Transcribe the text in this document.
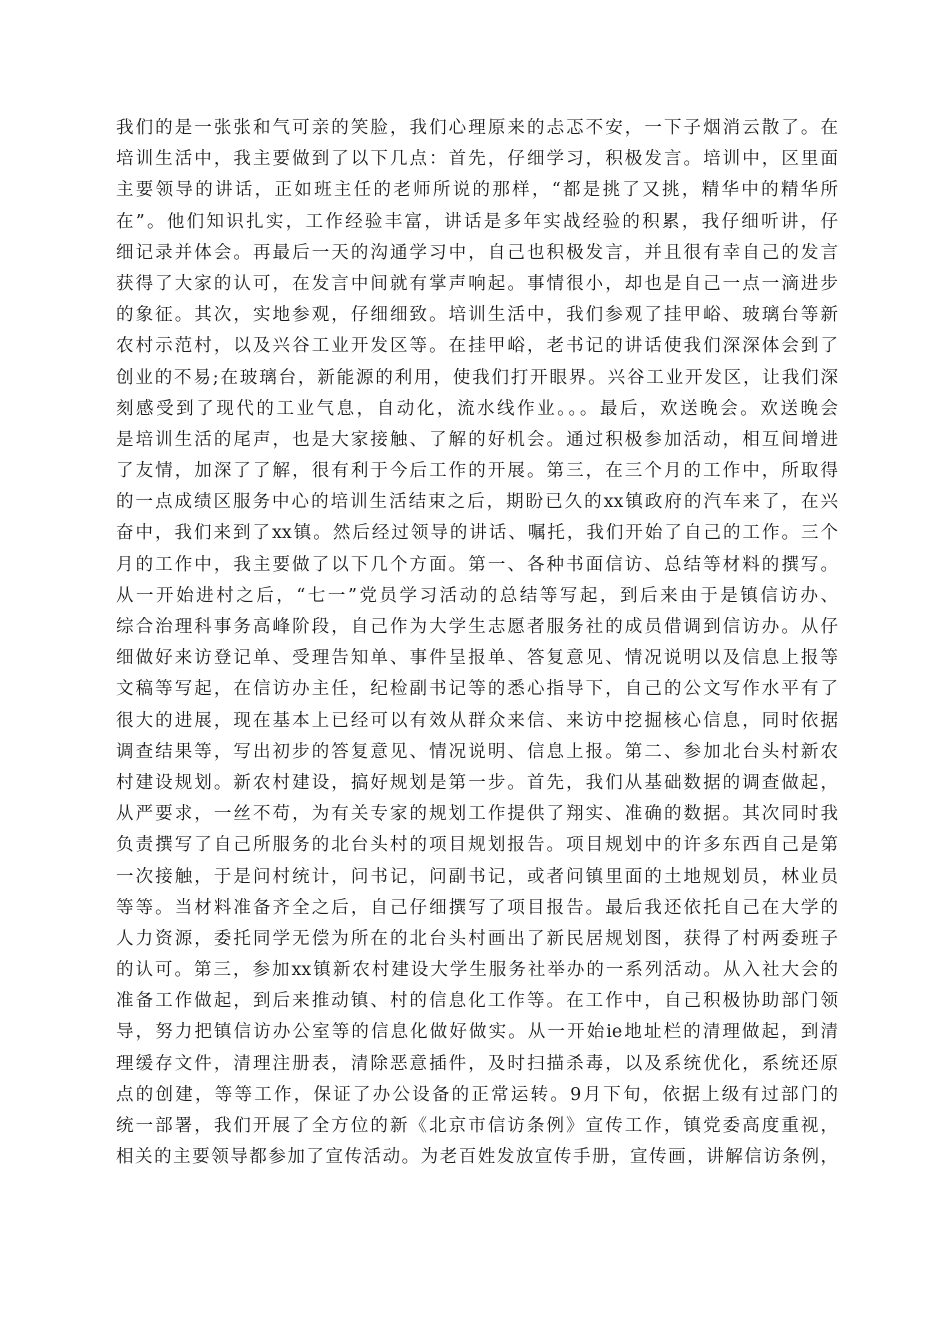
我们的是一张张和气可亲的笑脸，我们心理原来的忐忑不安，一下子烟消云散了。在
培训生活中，我主要做到了以下几点：首先，仔细学习，积极发言。培训中，区里面
主要领导的讲话，正如班主任的老师所说的那样，“都是挑了又挑，精华中的精华所
在”。他们知识扎实，工作经验丰富，讲话是多年实战经验的积累，我仔细听讲，仔
细记录并体会。再最后一天的沟通学习中，自己也积极发言，并且很有幸自己的发言
获得了大家的认可，在发言中间就有掌声响起。事情很小，却也是自己一点一滴进步
的象征。其次，实地参观，仔细细致。培训生活中，我们参观了挂甲峪、玻璃台等新
农村示范村，以及兴谷工业开发区等。在挂甲峪，老书记的讲话使我们深深体会到了
创业的不易;在玻璃台，新能源的利用，使我们打开眼界。兴谷工业开发区，让我们深
刻感受到了现代的工业气息，自动化，流水线作业。。。最后，欢送晚会。欢送晚会
是培训生活的尾声，也是大家接触、了解的好机会。通过积极参加活动，相互间增进
了友情，加深了了解，很有利于今后工作的开展。第三，在三个月的工作中，所取得
的一点成绩区服务中心的培训生活结束之后，期盼已久的xx镇政府的汽车来了，在兴
奋中，我们来到了xx镇。然后经过领导的讲话、嘱托，我们开始了自己的工作。三个
月的工作中，我主要做了以下几个方面。第一、各种书面信访、总结等材料的撰写。
从一开始进村之后，“七一”党员学习活动的总结等写起，到后来由于是镇信访办、
综合治理科事务高峰阶段，自己作为大学生志愿者服务社的成员借调到信访办。从仔
细做好来访登记单、受理告知单、事件呈报单、答复意见、情况说明以及信息上报等
文稿等写起，在信访办主任，纪检副书记等的悉心指导下，自己的公文写作水平有了
很大的进展，现在基本上已经可以有效从群众来信、来访中挖掘核心信息，同时依据
调查结果等，写出初步的答复意见、情况说明、信息上报。第二、参加北台头村新农
村建设规划。新农村建设，搞好规划是第一步。首先，我们从基础数据的调查做起，
从严要求，一丝不苟，为有关专家的规划工作提供了翔实、准确的数据。其次同时我
负责撰写了自己所服务的北台头村的项目规划报告。项目规划中的许多东西自己是第
一次接触，于是问村统计，问书记，问副书记，或者问镇里面的土地规划员，林业员
等等。当材料准备齐全之后，自己仔细撰写了项目报告。最后我还依托自己在大学的
人力资源，委托同学无偿为所在的北台头村画出了新民居规划图，获得了村两委班子
的认可。第三，参加xx镇新农村建设大学生服务社举办的一系列活动。从入社大会的
准备工作做起，到后来推动镇、村的信息化工作等。在工作中，自己积极协助部门领
导，努力把镇信访办公室等的信息化做好做实。从一开始ie地址栏的清理做起，到清
理缓存文件，清理注册表，清除恶意插件，及时扫描杀毒，以及系统优化，系统还原
点的创建，等等工作，保证了办公设备的正常运转。9月下旬，依据上级有过部门的
统一部署，我们开展了全方位的新《北京市信访条例》宣传工作，镇党委高度重视，
相关的主要领导都参加了宣传活动。为老百姓发放宣传手册，宣传画，讲解信访条例，
